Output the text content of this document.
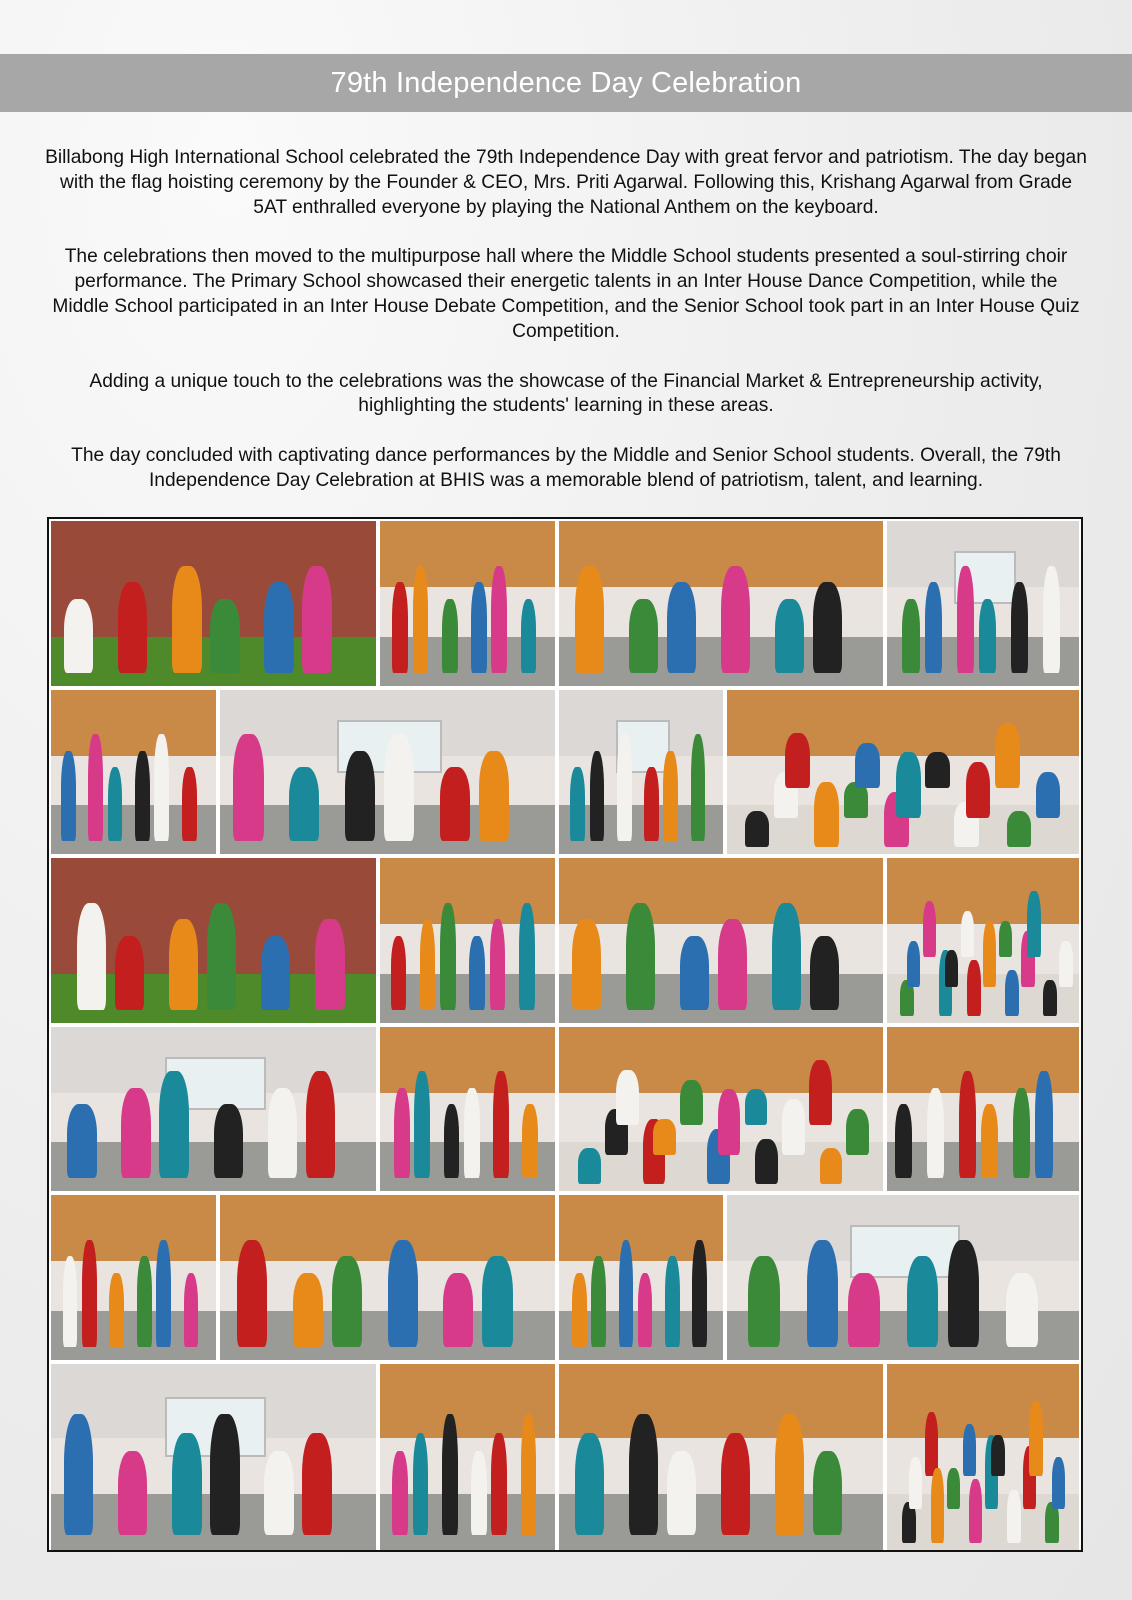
79th Independence Day Celebration

Billabong High International School celebrated the 79th Independence Day with great fervor and patriotism. The day began with the flag hoisting ceremony by the Founder & CEO, Mrs. Priti Agarwal. Following this, Krishang Agarwal from Grade 5AT enthralled everyone by playing the National Anthem on the keyboard.

The celebrations then moved to the multipurpose hall where the Middle School students presented a soul-stirring choir performance. The Primary School showcased their energetic talents in an Inter House Dance Competition, while the Middle School participated in an Inter House Debate Competition, and the Senior School took part in an Inter House Quiz Competition.

Adding a unique touch to the celebrations was the showcase of the Financial Market & Entrepreneurship activity, highlighting the students' learning in these areas.

The day concluded with captivating dance performances by the Middle and Senior School students. Overall, the 79th Independence Day Celebration at BHIS was a memorable blend of patriotism, talent, and learning.
